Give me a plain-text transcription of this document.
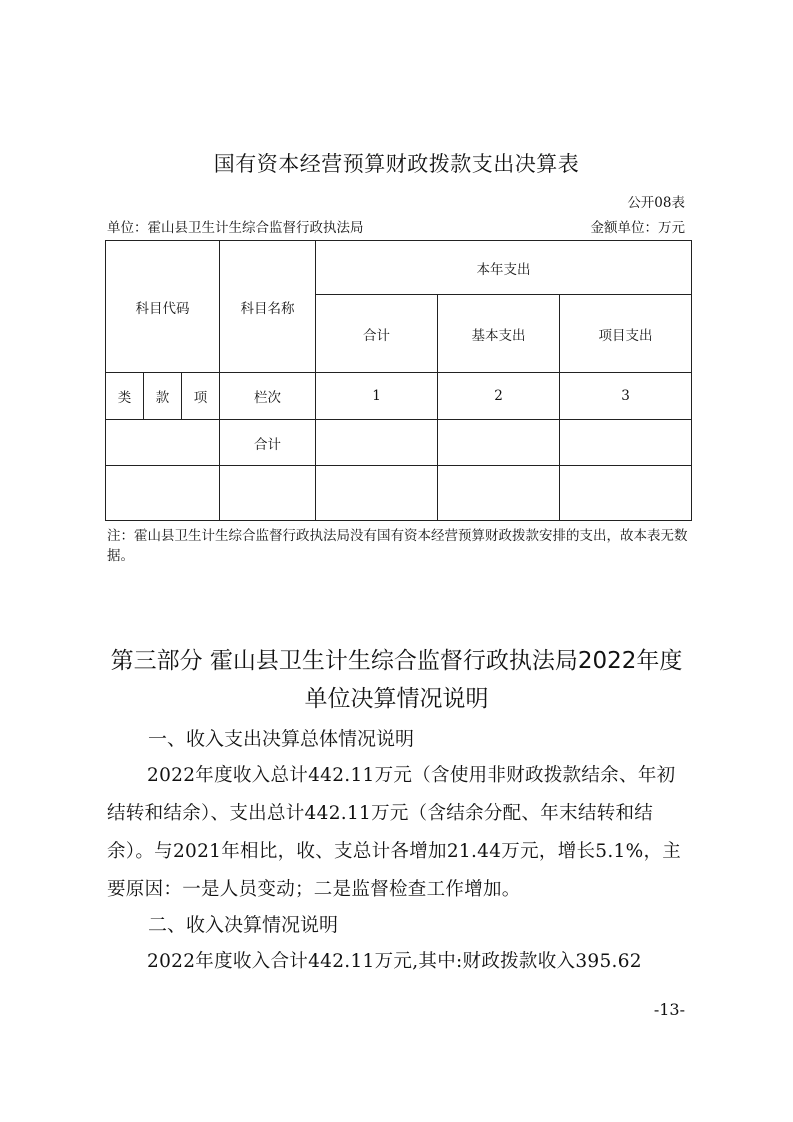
国有资本经营预算财政拨款支出决算表
公开08表
单位：霍山县卫生计生综合监督行政执法局	金额单位：万元
科目代码			科目名称	本年支出		
				合计	基本支出	项目支出
类	款	项	栏次	1	2	3
			合计			

注：霍山县卫生计生综合监督行政执法局没有国有资本经营预算财政拨款安排的支出，故本表无数据。
第三部分 霍山县卫生计生综合监督行政执法局2022年度
单位决算情况说明
一、收入支出决算总体情况说明
2022年度收入总计442.11万元（含使用非财政拨款结余、年初结转和结余）、支出总计442.11万元（含结余分配、年末结转和结余）。与2021年相比，收、支总计各增加21.44万元，增长5.1%，主要原因：一是人员变动；二是监督检查工作增加。
二、收入决算情况说明
2022年度收入合计442.11万元,其中:财政拨款收入395.62
-13-
